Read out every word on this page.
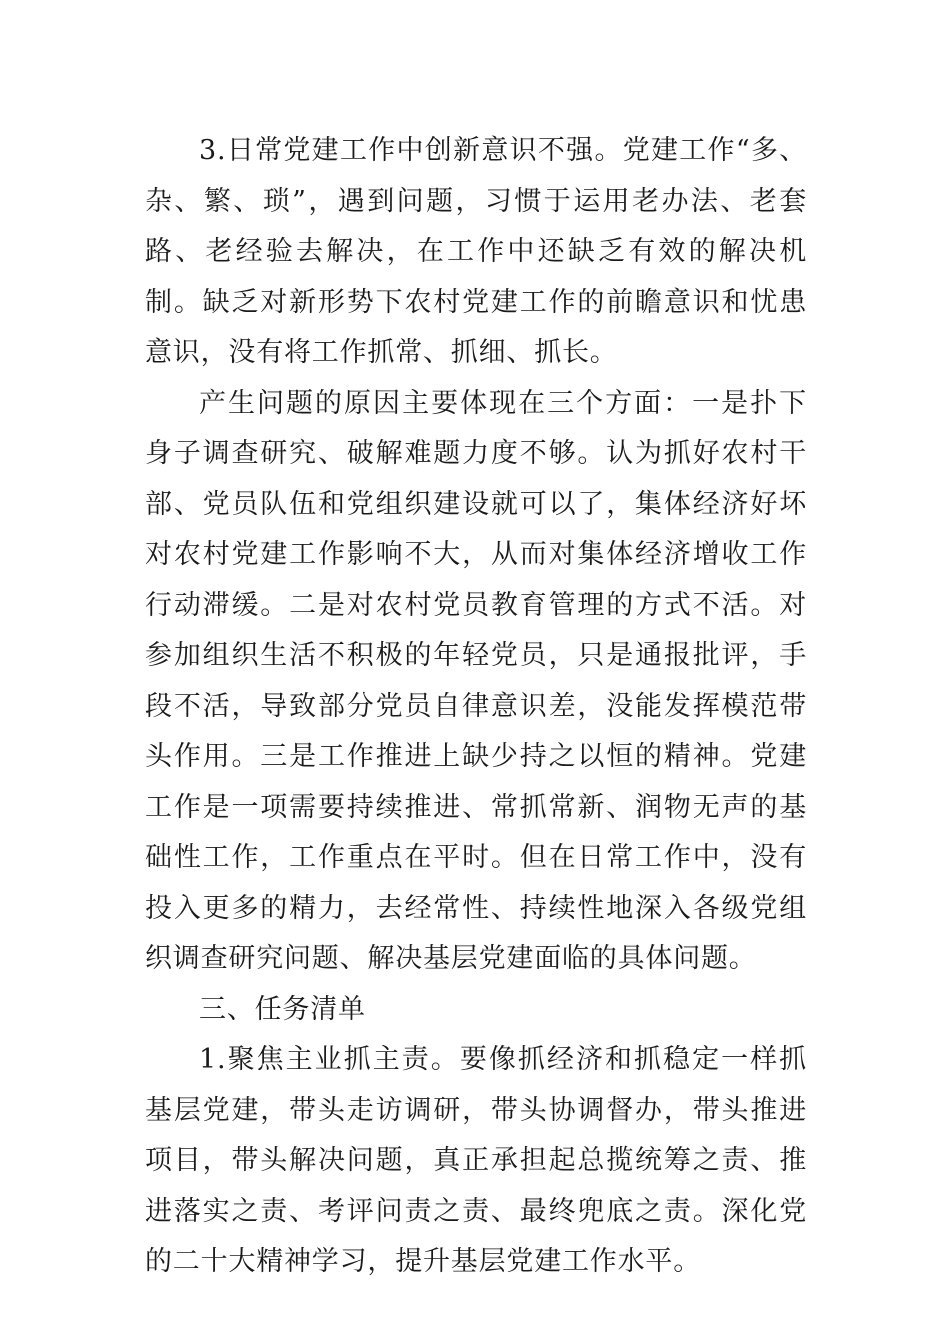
3.日常党建工作中创新意识不强。党建工作“多、杂、繁、琐”，遇到问题，习惯于运用老办法、老套路、老经验去解决，在工作中还缺乏有效的解决机制。缺乏对新形势下农村党建工作的前瞻意识和忧患意识，没有将工作抓常、抓细、抓长。

产生问题的原因主要体现在三个方面：一是扑下身子调查研究、破解难题力度不够。认为抓好农村干部、党员队伍和党组织建设就可以了，集体经济好坏对农村党建工作影响不大，从而对集体经济增收工作行动滞缓。二是对农村党员教育管理的方式不活。对参加组织生活不积极的年轻党员，只是通报批评，手段不活，导致部分党员自律意识差，没能发挥模范带头作用。三是工作推进上缺少持之以恒的精神。党建工作是一项需要持续推进、常抓常新、润物无声的基础性工作，工作重点在平时。但在日常工作中，没有投入更多的精力，去经常性、持续性地深入各级党组织调查研究问题、解决基层党建面临的具体问题。

三、任务清单

1.聚焦主业抓主责。要像抓经济和抓稳定一样抓基层党建，带头走访调研，带头协调督办，带头推进项目，带头解决问题，真正承担起总揽统筹之责、推进落实之责、考评问责之责、最终兜底之责。深化党的二十大精神学习，提升基层党建工作水平。
